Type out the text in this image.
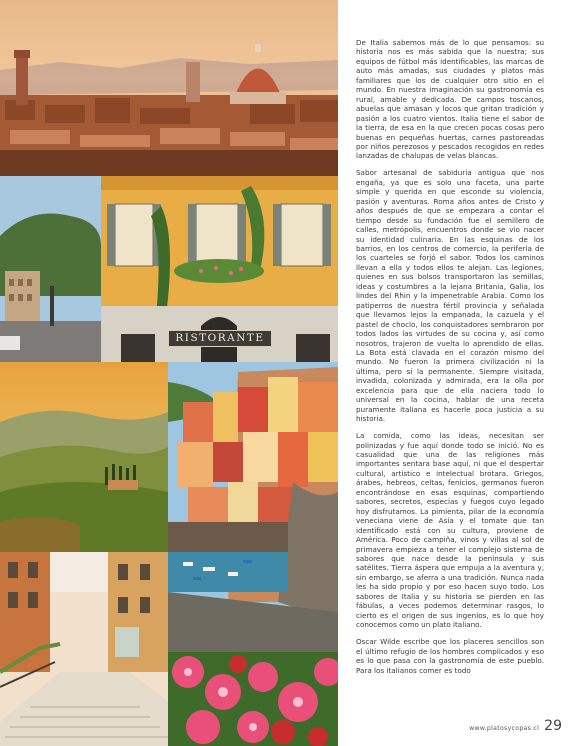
RISTORANTE

De Italia sabemos más de lo que pensamos: su historia nos es más sabida que la nuestra; sus equipos de fútbol más identificables, las marcas de auto más amadas, sus ciudades y platos más familiares que los de cualquier otro sitio en el mundo. En nuestra imaginación su gastronomía es rural, amable y dedicada. De campos toscanos, abuelas que amasan y locos que gritan tradición y pasión a los cuatro vientos. Italia tiene el sabor de la tierra, de esa en la que crecen pocas cosas pero buenas en pequeñas huertas, carnes pastoreadas por niños perezosos y pescados recogidos en redes lanzadas de chalupas de velas blancas.

Sabor artesanal de sabiduría antigua que nos engaña, ya que es solo una faceta, una parte simple y querida en que esconde su violencia, pasión y aventuras. Roma años antes de Cristo y años después de que se empezara a contar el tiempo desde su fundación fue el semillero de calles, metrópolis, encuentros donde se vio nacer su identidad culinaria. En las esquinas de los barrios, en los centros de comercio, la periferia de los cuarteles se forjó el sabor. Todos los caminos llevan a ella y todos ellos te alejan. Las legiones, quienes en sus bolsos transportaron las semillas, ideas y costumbres a la lejana Britania, Galia, los lindes del Rhin y la impenetrable Arabia. Como los patiperros de nuestra fértil provincia y señalada que llevamos lejos la empanada, la cazuela y el pastel de choclo, los conquistadores sembraron por todos lados las virtudes de su cocina y, así como nosotros, trajeron de vuelta lo aprendido de ellas. La Bota está clavada en el corazón mismo del mundo. No fueron la primera civilización ni la última, pero sí la permanente. Siempre visitada, invadida, colonizada y admirada, era la olla por excelencia para que de ella naciera todo lo universal en la cocina, hablar de una receta puramente italiana es hacerle poca justicia a su historia.

La comida, como las ideas, necesitan ser polinizadas y fue aquí donde todo se inició. No es casualidad que una de las religiones más importantes sentara base aquí, ni que el despertar cultural, artístico e intelectual brotara. Griegos, árabes, hebreos, celtas, fenicios, germanos fueron encontrándose en esas esquinas, compartiendo sabores, secretos, especias y fuegos cuyo legado hoy disfrutamos. La pimienta, pilar de la economía veneciana viene de Asia y el tomate que tan identificado está con su cultura, proviene de América. Poco de campiña, vinos y villas al sol de primavera empieza a tener el complejo sistema de sabores que nace desde la península y sus satélites. Tierra áspera que empuja a la aventura y, sin embargo, se aferra a una tradición. Nunca nada les ha sido propio y por eso hacen suyo todo. Los sabores de Italia y su historia se pierden en las fábulas, a veces podemos determinar rasgos, lo cierto es el origen de sus ingenios, es lo que hoy conocemos como un plato italiano.

Oscar Wilde escribe que los placeres sencillos son el último refugio de los hombres complicados y eso es lo que pasa con la gastronomía de este pueblo. Para los italianos comer es todo

www.platosycopas.cl 29
